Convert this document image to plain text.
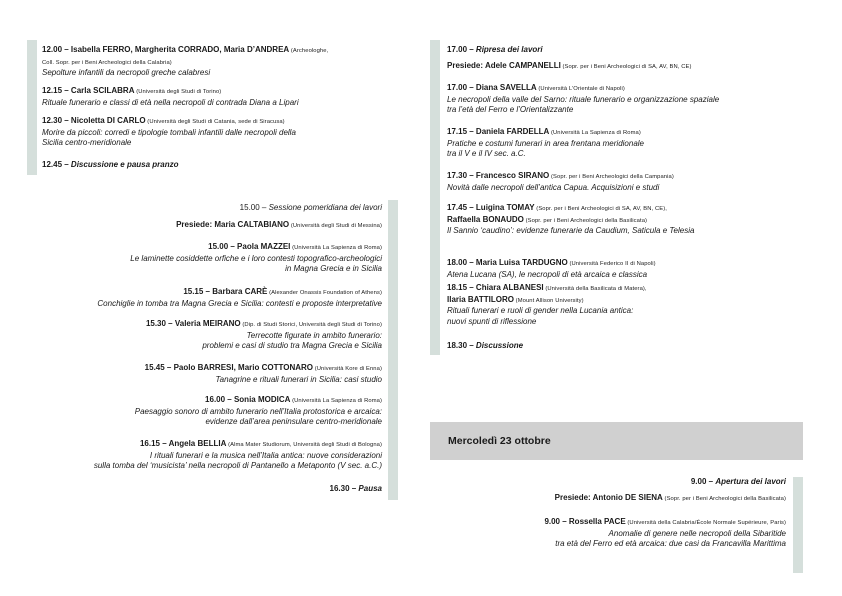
12.00 – Isabella FERRO, Margherita CORRADO, Maria D’ANDREA (Archeologhe,
Coll. Sopr. per i Beni Archeologici della Calabria)
Sepolture infantili da necropoli greche calabresi
12.15 – Carla SCILABRA (Università degli Studi di Torino)
Rituale funerario e classi di età nella necropoli di contrada Diana a Lipari
12.30 – Nicoletta DI CARLO (Università degli Studi di Catania, sede di Siracusa)
Morire da piccoli: corredi e tipologie tombali infantili dalle necropoli della
Sicilia centro-meridionale
12.45 – Discussione e pausa pranzo
15.00 – Sessione pomeridiana dei lavori
Presiede: Maria CALTABIANO (Università degli Studi di Messina)
15.00 – Paola MAZZEI (Università La Sapienza di Roma)
Le laminette cosiddette orfiche e i loro contesti topografico-archeologici
in Magna Grecia e in Sicilia
15.15 – Barbara CARÈ (Alexander Onassis Foundation of Athens)
Conchiglie in tomba tra Magna Grecia e Sicilia: contesti e proposte interpretative
15.30 – Valeria MEIRANO (Dip. di Studi Storici, Università degli Studi di Torino)
Terrecotte figurate in ambito funerario:
problemi e casi di studio tra Magna Grecia e Sicilia
15.45 – Paolo BARRESI, Mario COTTONARO (Università Kore di Enna)
Tanagrine e rituali funerari in Sicilia: casi studio
16.00 – Sonia MODICA (Università La Sapienza di Roma)
Paesaggio sonoro di ambito funerario nell’Italia protostorica e arcaica:
evidenze dall’area peninsulare centro-meridionale
16.15 – Angela BELLIA (Alma Mater Studiorum, Università degli Studi di Bologna)
I rituali funerari e la musica nell’Italia antica: nuove considerazioni
sulla tomba del ‘musicista’ nella necropoli di Pantanello a Metaponto (V sec. a.C.)
16.30 – Pausa
17.00 – Ripresa dei lavori
Presiede: Adele CAMPANELLI (Sopr. per i Beni Archeologici di SA, AV, BN, CE)
17.00 – Diana SAVELLA (Università L’Orientale di Napoli)
Le necropoli della valle del Sarno: rituale funerario e organizzazione spaziale
tra l’età del Ferro e l’Orientalizzante
17.15 – Daniela FARDELLA (Università La Sapienza di Roma)
Pratiche e costumi funerari in area frentana meridionale
tra il V e il IV sec. a.C.
17.30 – Francesco SIRANO (Sopr. per i Beni Archeologici della Campania)
Novità dalle necropoli dell’antica Capua. Acquisizioni e studi
17.45 – Luigina TOMAY (Sopr. per i Beni Archeologici di SA, AV, BN, CE),
Raffaella BONAUDO (Sopr. per i Beni Archeologici della Basilicata)
Il Sannio ‘caudino’: evidenze funerarie da Caudium, Saticula e Telesia
18.00 – Maria Luisa TARDUGNO (Università Federico II di Napoli)
Atena Lucana (SA), le necropoli di età arcaica e classica
18.15 – Chiara ALBANESI (Università della Basilicata di Matera),
Ilaria BATTILORO (Mount Allison University)
Rituali funerari e ruoli di gender nella Lucania antica:
nuovi spunti di riflessione
18.30 – Discussione
Mercoledì 23 ottobre
9.00 – Apertura dei lavori
Presiede: Antonio DE SIENA (Sopr. per i Beni Archeologici della Basilicata)
9.00 – Rossella PACE (Università della Calabria/École Normale Supérieure, Paris)
Anomalie di genere nelle necropoli della Sibaritide
tra età del Ferro ed età arcaica: due casi da Francavilla Marittima
